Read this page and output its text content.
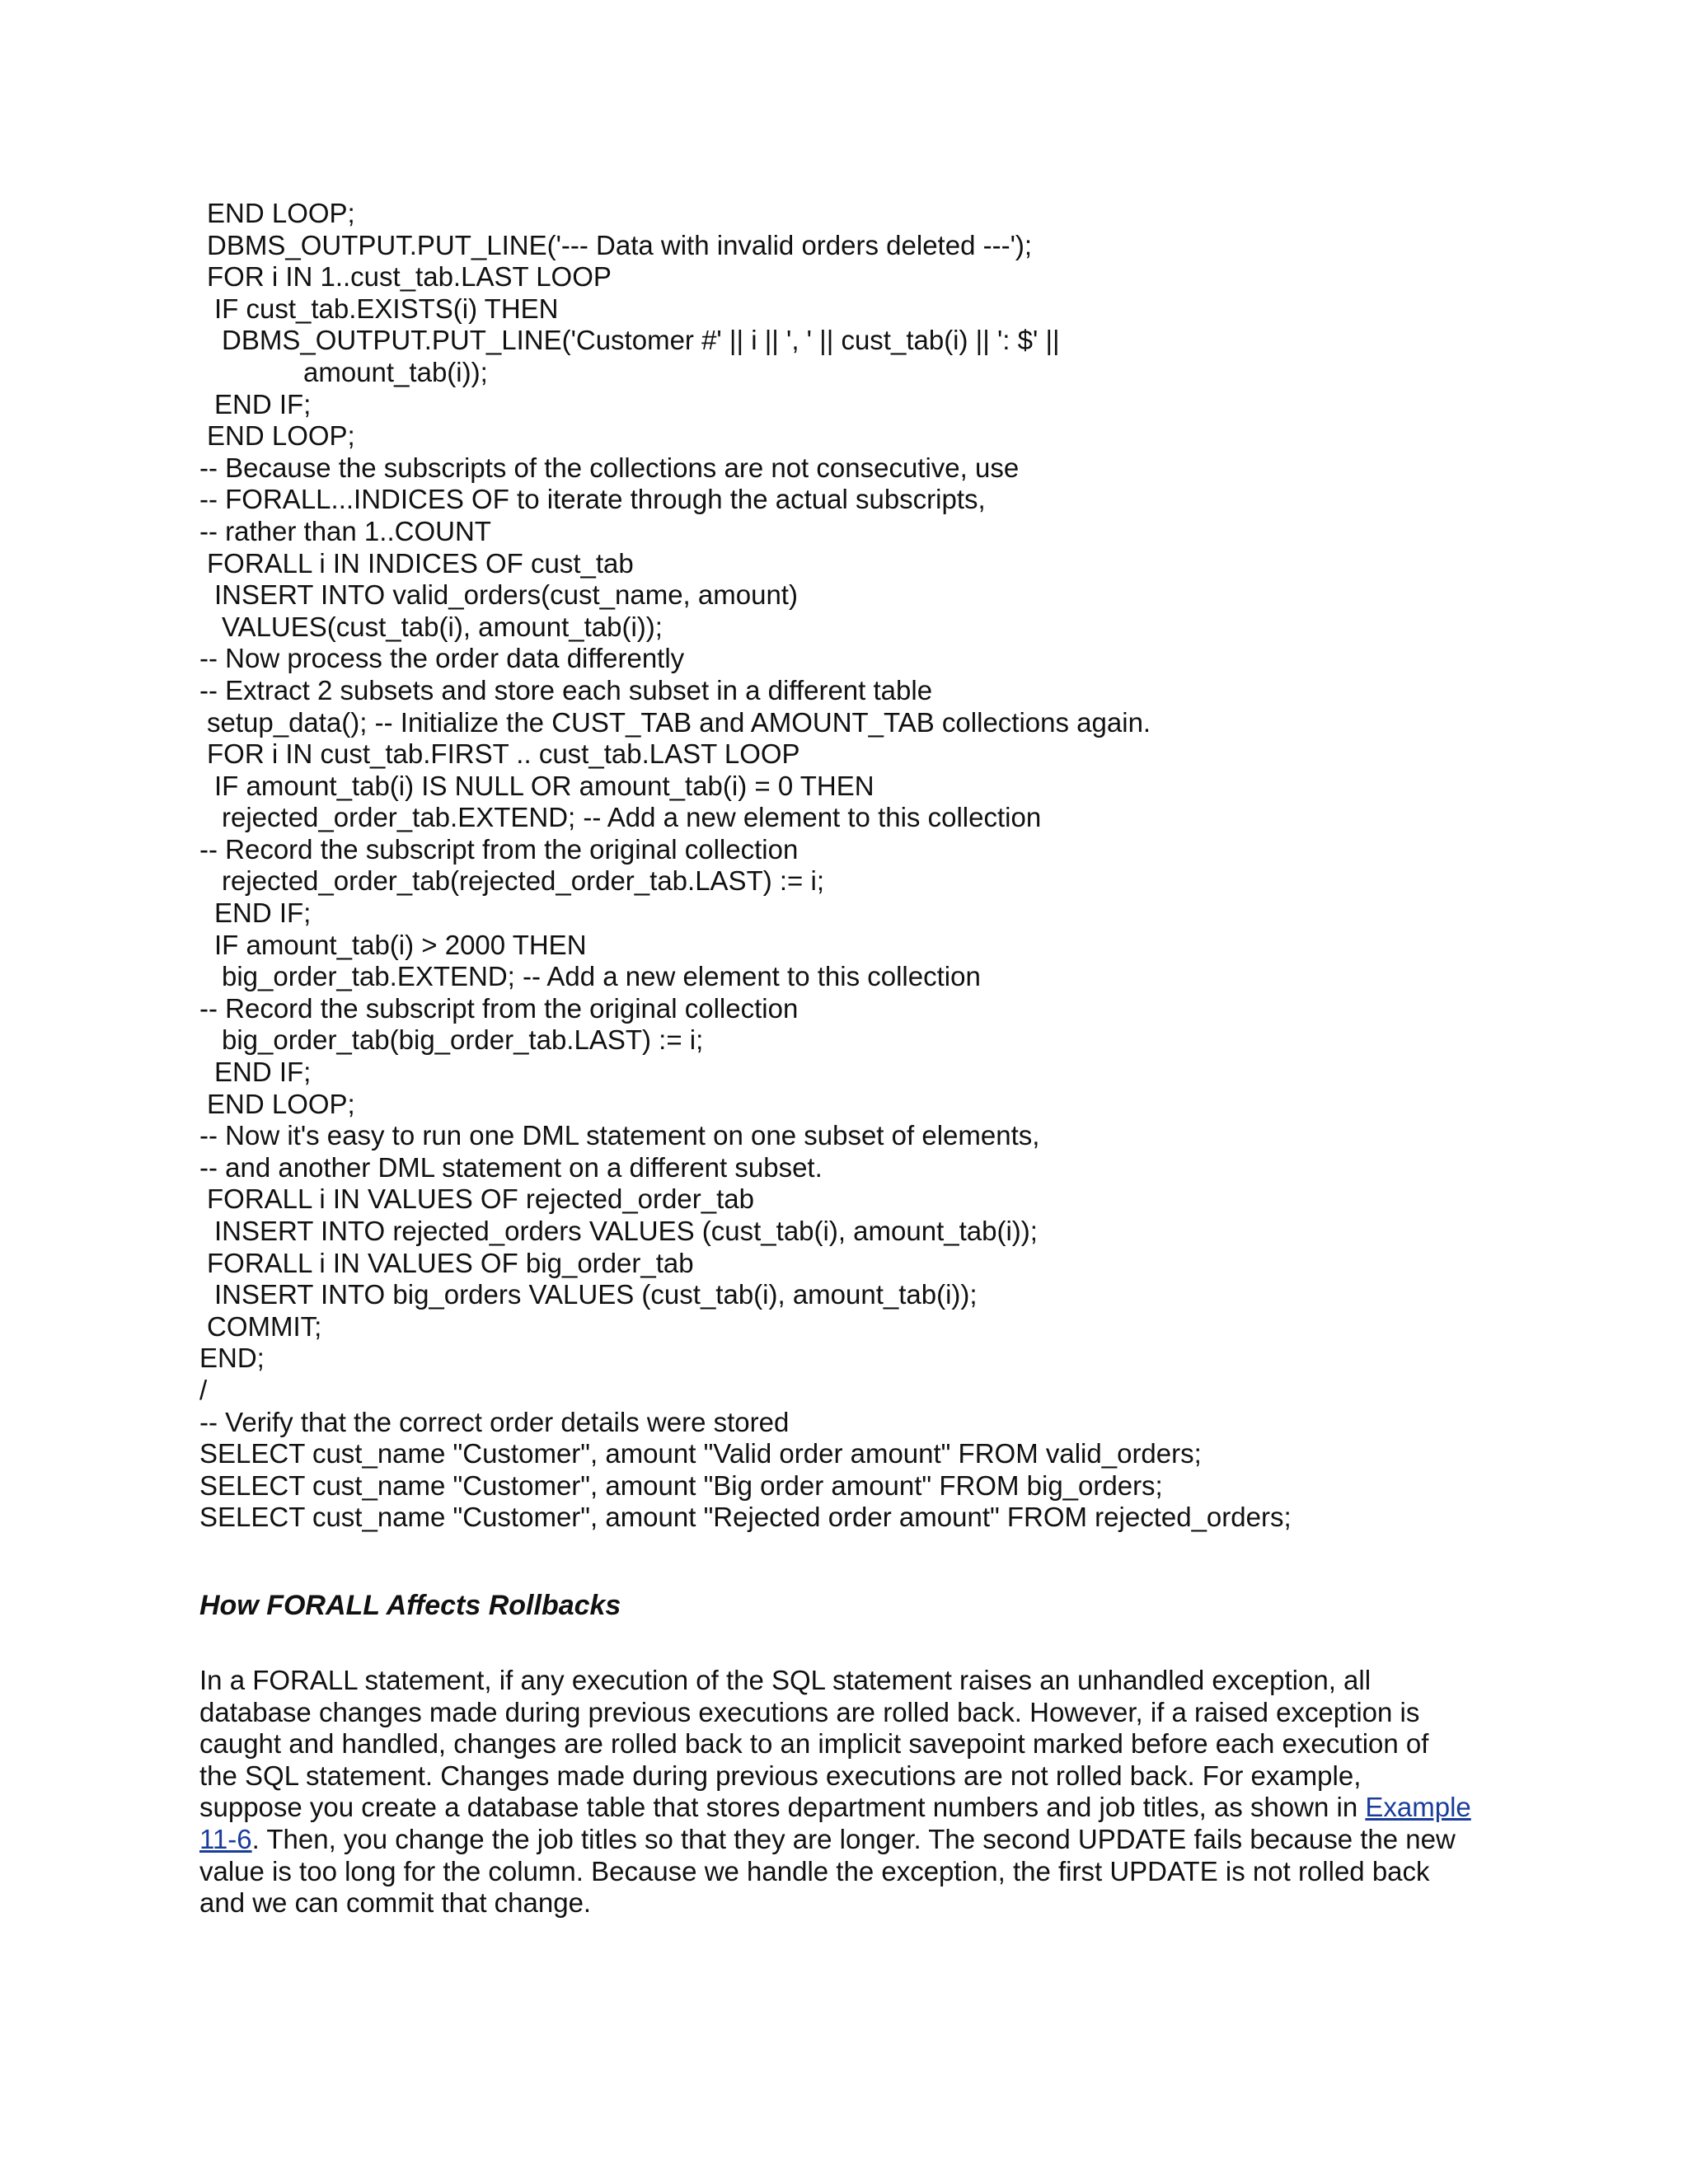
END LOOP;
DBMS_OUTPUT.PUT_LINE('--- Data with invalid orders deleted ---');
FOR i IN 1..cust_tab.LAST LOOP
IF cust_tab.EXISTS(i) THEN
DBMS_OUTPUT.PUT_LINE('Customer #' || i || ', ' || cust_tab(i) || ': $' ||
amount_tab(i));
END IF;
END LOOP;
-- Because the subscripts of the collections are not consecutive, use
-- FORALL...INDICES OF to iterate through the actual subscripts,
-- rather than 1..COUNT
FORALL i IN INDICES OF cust_tab
INSERT INTO valid_orders(cust_name, amount)
VALUES(cust_tab(i), amount_tab(i));
-- Now process the order data differently
-- Extract 2 subsets and store each subset in a different table
setup_data(); -- Initialize the CUST_TAB and AMOUNT_TAB collections again.
FOR i IN cust_tab.FIRST .. cust_tab.LAST LOOP
IF amount_tab(i) IS NULL OR amount_tab(i) = 0 THEN
rejected_order_tab.EXTEND; -- Add a new element to this collection
-- Record the subscript from the original collection
rejected_order_tab(rejected_order_tab.LAST) := i;
END IF;
IF amount_tab(i) > 2000 THEN
big_order_tab.EXTEND; -- Add a new element to this collection
-- Record the subscript from the original collection
big_order_tab(big_order_tab.LAST) := i;
END IF;
END LOOP;
-- Now it's easy to run one DML statement on one subset of elements,
-- and another DML statement on a different subset.
FORALL i IN VALUES OF rejected_order_tab
INSERT INTO rejected_orders VALUES (cust_tab(i), amount_tab(i));
FORALL i IN VALUES OF big_order_tab
INSERT INTO big_orders VALUES (cust_tab(i), amount_tab(i));
COMMIT;
END;
/
-- Verify that the correct order details were stored
SELECT cust_name "Customer", amount "Valid order amount" FROM valid_orders;
SELECT cust_name "Customer", amount "Big order amount" FROM big_orders;
SELECT cust_name "Customer", amount "Rejected order amount" FROM rejected_orders;
How FORALL Affects Rollbacks
In a FORALL statement, if any execution of the SQL statement raises an unhandled exception, all
database changes made during previous executions are rolled back. However, if a raised exception is
caught and handled, changes are rolled back to an implicit savepoint marked before each execution of
the SQL statement. Changes made during previous executions are not rolled back. For example,
suppose you create a database table that stores department numbers and job titles, as shown in Example
11-6. Then, you change the job titles so that they are longer. The second UPDATE fails because the new
value is too long for the column. Because we handle the exception, the first UPDATE is not rolled back
and we can commit that change.
